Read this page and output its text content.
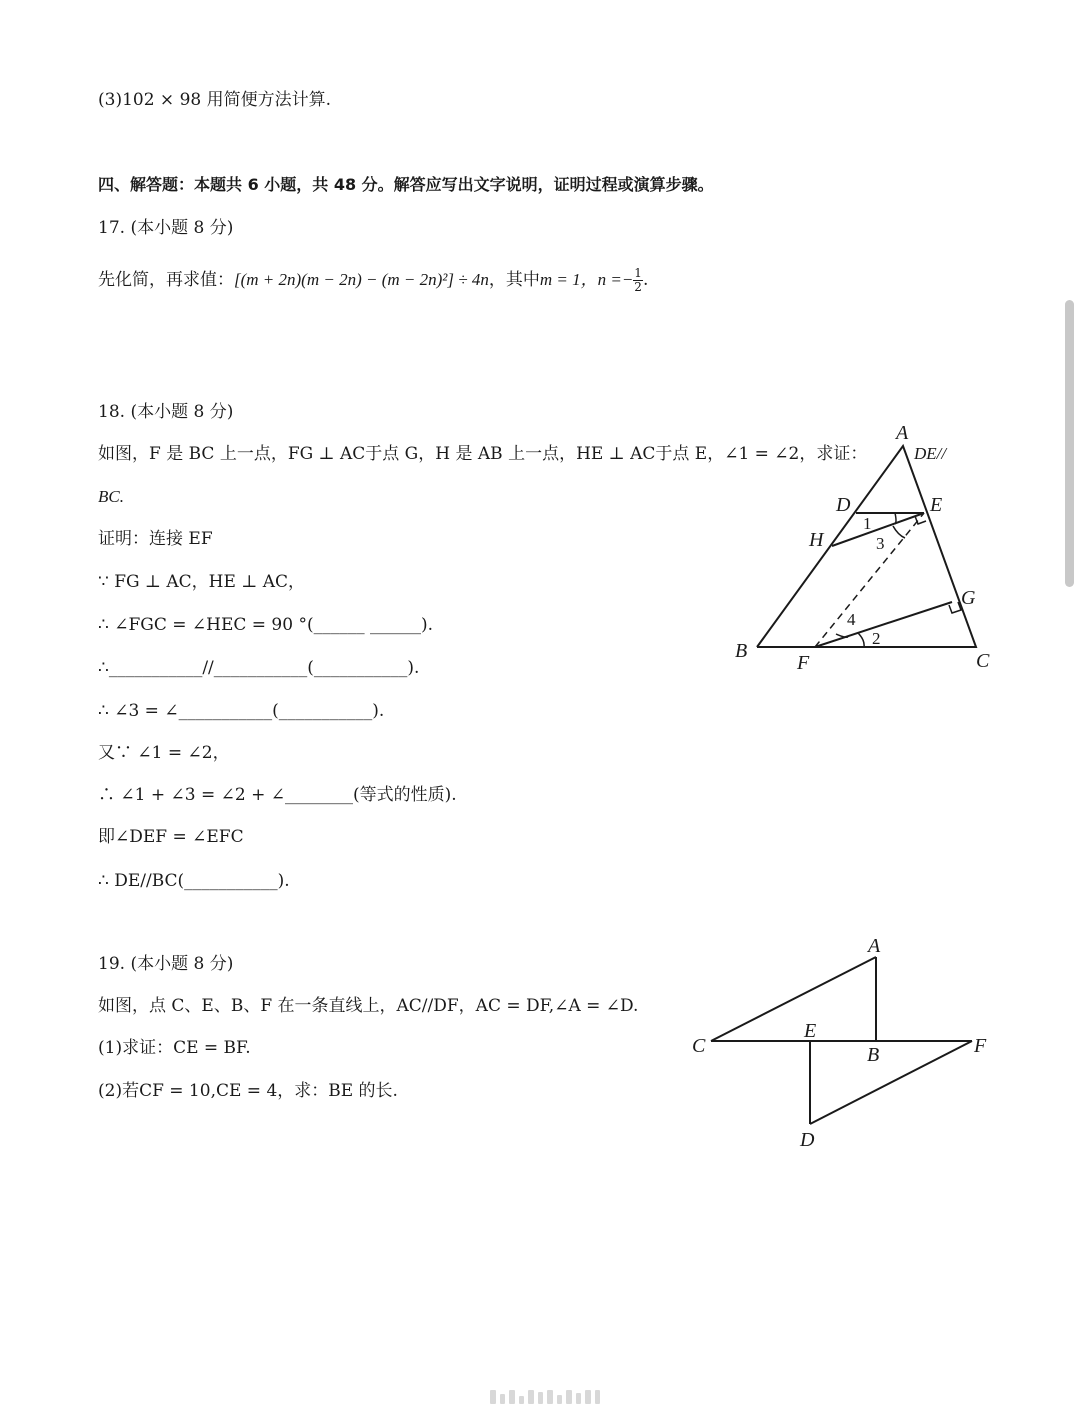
(3)102 × 98 用简便方法计算.
四、解答题：本题共 6 小题，共 48 分。解答应写出文字说明，证明过程或演算步骤。
17. (本小题 8 分)
先化简，再求值：[(m + 2n)(m − 2n) − (m − 2n)²] ÷ 4n，其中m = 1，$n =- \frac{1}{2}$ .
18. (本小题 8 分)
如图，F 是 BC 上一点，FG ⊥ AC于点 G，H 是 AB 上一点，HE ⊥ AC于点 E，∠1 = ∠2，求证：	DE//
BC.
证明：连接 EF
∵ FG ⊥ AC，HE ⊥ AC，
∴ ∠FGC = ∠HEC = 90 °(______ ______).
∴___________//___________(___________).
∴ ∠3 = ∠___________(___________).
又∵ ∠1 = ∠2，
∴ ∠1 + ∠3 = ∠2 + ∠________(等式的性质).
即∠DEF = ∠EFC
∴ DE//BC(___________).
A
D	E
H
G
B
F	C
1
3
4
2
19. (本小题 8 分)
如图，点 C、E、B、F 在一条直线上，AC//DF，AC = DF,∠A = ∠D.
(1)求证：CE = BF.
(2)若CF = 10,CE = 4，求：BE 的长.
A
C
E
B	F
D
